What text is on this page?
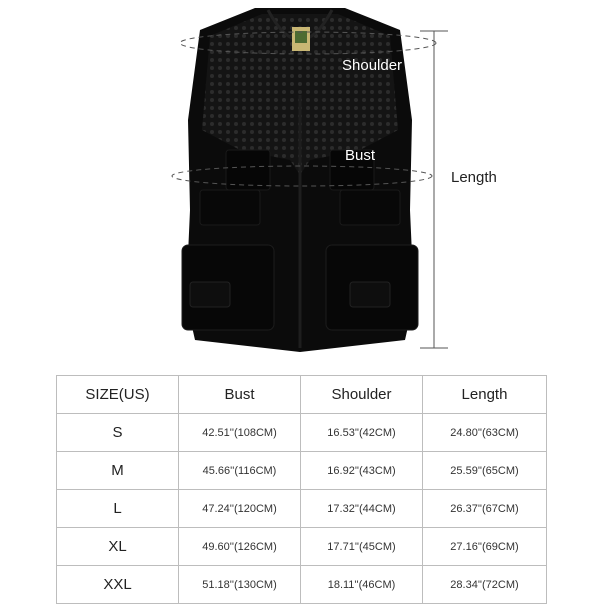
Shoulder
Bust
Length
SIZE(US)	Bust	Shoulder	Length
S	42.51''(108CM)	16.53''(42CM)	24.80''(63CM)
M	45.66''(116CM)	16.92''(43CM)	25.59''(65CM)
L	47.24''(120CM)	17.32''(44CM)	26.37''(67CM)
XL	49.60''(126CM)	17.71''(45CM)	27.16''(69CM)
XXL	51.18''(130CM)	18.11''(46CM)	28.34''(72CM)
